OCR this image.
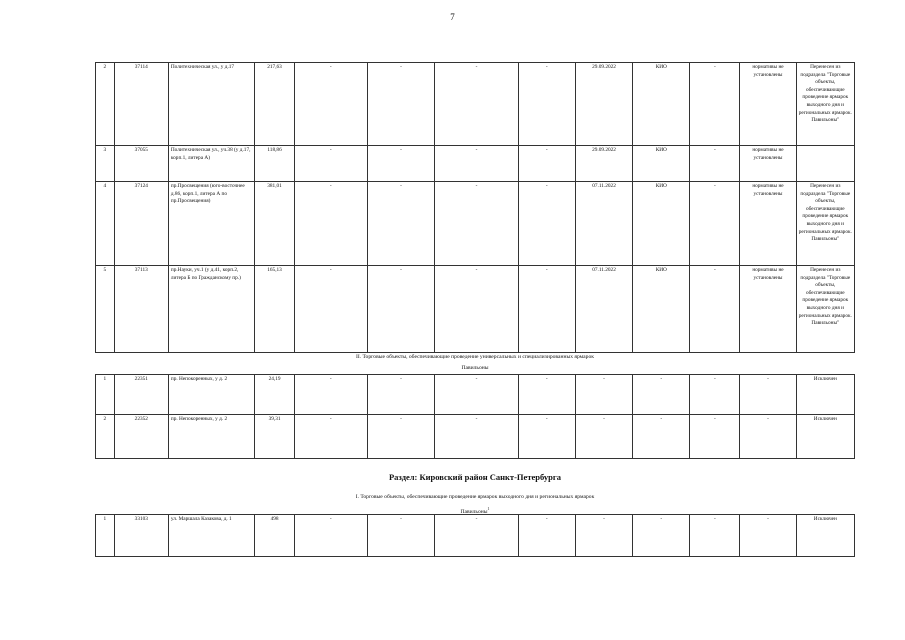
7
2	37114	Политехническая ул., у д.17	217,63	-	-	-	-	29.09.2022	КИО	-	нормативы не установлены	Перенесен из подраздела "Торговые объекты, обеспечивающие проведение ярмарок выходного дня и региональных ярмарок. Павильоны"
3	37055	Политехническая ул., уч.38 (у д.17, корп.1, литера А)	118,86	-	-	-	-	29.09.2022	КИО	-	нормативы не установлены	
4	37124	пр.Просвещения (юго-восточнее д.86, корп.1, литера А по пр.Просвещения)	381,01	-	-	-	-	07.11.2022	КИО	-	нормативы не установлены	Перенесен из подраздела "Торговые объекты, обеспечивающие проведение ярмарок выходного дня и региональных ярмарок. Павильоны"
5	37113	пр.Науки, уч.1 (у д.41, корп.2, литера Б по Гражданскому пр.)	165,13	-	-	-	-	07.11.2022	КИО	-	нормативы не установлены	Перенесен из подраздела "Торговые объекты, обеспечивающие проведение ярмарок выходного дня и региональных ярмарок. Павильоны"
II. Торговые объекты, обеспечивающие проведение универсальных и специализированных ярмарок
Павильоны
1	22351	пр. Непокоренных, у д. 2	24,19	-	-	-	-	-	-	-	-	Исключен
2	22352	пр. Непокоренных, у д. 2	39,31	-	-	-	-	-	-	-	-	Исключен
Раздел: Кировский район Санкт-Петербурга
I. Торговые объекты, обеспечивающие проведение ярмарок выходного дня и региональных ярмарок
Павильоны$^1$
1	33103	ул. Маршала Казакова, д. 1	498	-	-	-	-	-	-	-	-	Исключен
